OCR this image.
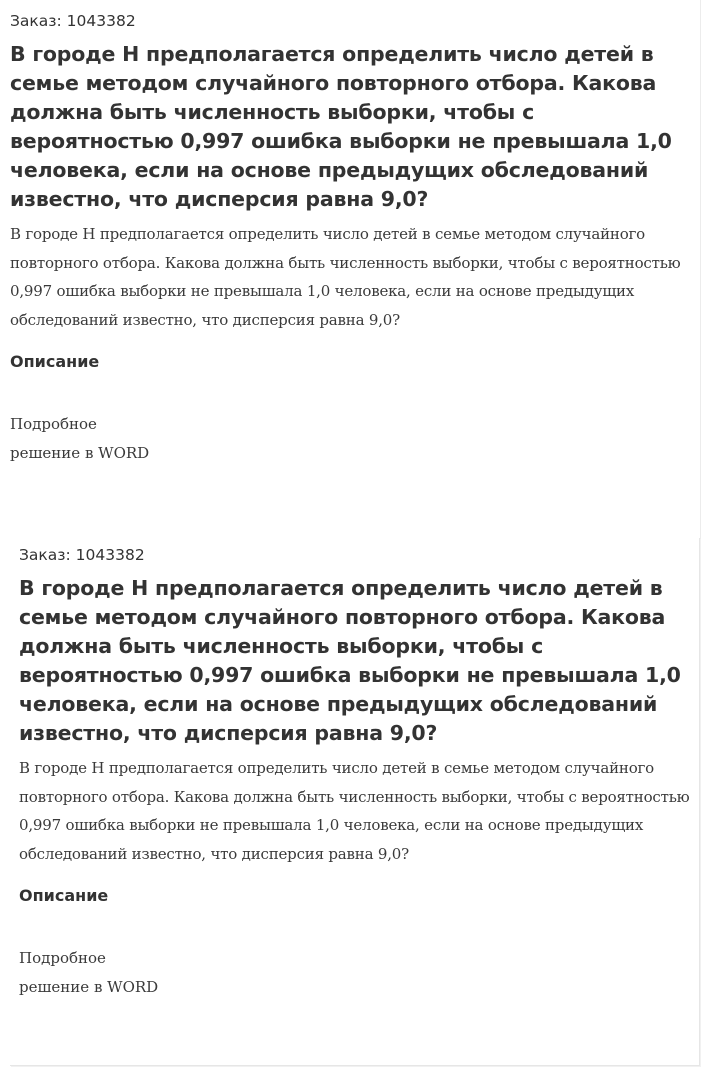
Заказ: 1043382
В городе Н предполагается определить число детей в семье методом случайного повторного отбора. Какова должна быть численность выборки, чтобы с вероятностью 0,997 ошибка выборки не превышала 1,0 человека, если на основе предыдущих обследований известно, что дисперсия равна 9,0?

В городе Н предполагается определить число детей в семье методом случайного повторного отбора. Какова должна быть численность выборки, чтобы с вероятностью 0,997 ошибка выборки не превышала 1,0 человека, если на основе предыдущих обследований известно, что дисперсия равна 9,0?

Описание
Подробное
решение в WORD
Заказ: 1043382
В городе Н предполагается определить число детей в семье методом случайного повторного отбора. Какова должна быть численность выборки, чтобы с вероятностью 0,997 ошибка выборки не превышала 1,0 человека, если на основе предыдущих обследований известно, что дисперсия равна 9,0?

В городе Н предполагается определить число детей в семье методом случайного повторного отбора. Какова должна быть численность выборки, чтобы с вероятностью 0,997 ошибка выборки не превышала 1,0 человека, если на основе предыдущих обследований известно, что дисперсия равна 9,0?

Описание
Подробное
решение в WORD
